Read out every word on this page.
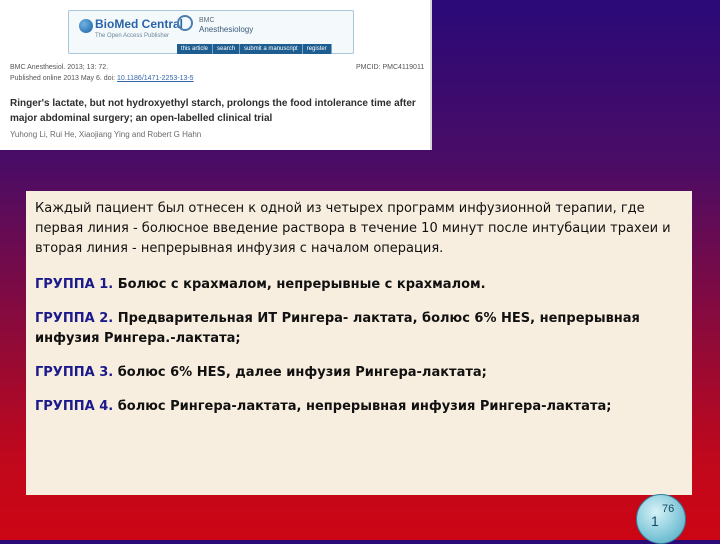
BioMed Central
The Open Access Publisher
BMC
Anesthesiology
this article	search	submit a manuscript	register
BMC Anesthesiol. 2013; 13: 72.
Published online 2013 May 6. doi: 10.1186/1471-2253-13-5
PMCID: PMC4119011
Ringer's lactate, but not hydroxyethyl starch, prolongs the food intolerance time after major abdominal surgery; an open-labelled clinical trial
Yuhong Li, Rui He, Xiaojiang Ying and Robert G Hahn

Каждый пациент был отнесен к одной из четырех программ инфузионной терапии, где первая линия - болюсное введение раствора в течение 10 минут после интубации трахеи и вторая линия - непрерывная инфузия с началом операция.

ГРУППА 1. Болюс с крахмалом, непрерывные с крахмалом.

ГРУППА 2. Предварительная ИТ Рингера- лактата, болюс 6% HES, непрерывная инфузия Рингера.-лактата;

ГРУППА 3. болюс 6% HES, далее инфузия Рингера-лактата;

ГРУППА 4. болюс Рингера-лактата, непрерывная инфузия Рингера-лактата;

1
76
